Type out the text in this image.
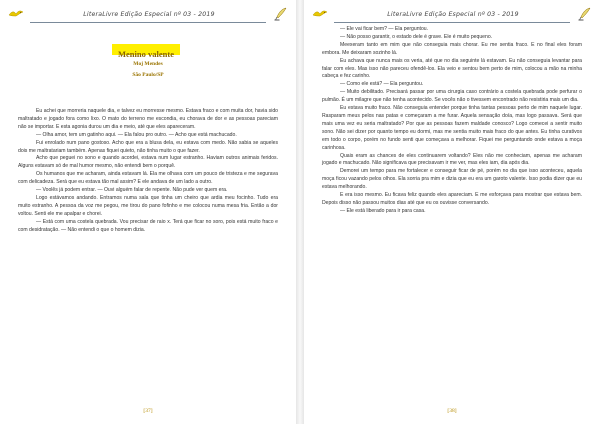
LiteraLivre Edição Especial nº 03 - 2019
Menino valente
Moj Mendes
São Paulo/SP

Eu achei que morreria naquele dia, e talvez eu morresse mesmo. Estava fraco e com muita dor, havia sido maltratado e jogado fora como lixo. O mato do terreno me escondia, eu chorava de dor e as pessoas pareciam não se importar. E esta agonia durou um dia e meio, até que eles apareceram.

— Olha amor, tem um gatinho aqui. — Ela falou pro outro. — Acho que está machucado.

Fui enrolado num pano gostoso. Acho que era a blusa dela, eu estava com medo. Não sabia se aqueles dois me maltratariam também. Apenas fiquei quieto, não tinha muito o que fazer.

Acho que peguei no sono e quando acordei, estava num lugar estranho. Haviam outros animais feridos. Alguns estavam só de mal humor mesmo, não entendi bem o porquê.

Os humanos que me acharam, ainda estavam lá. Ela me olhava com um pouco de tristeza e me segurava com delicadeza. Será que eu estava tão mal assim? E ele andava de um lado a outro.

— Voolês já podem entrar. — Ouvi alguém falar de repente. Não pude ver quem era.

Logo estávamos andando. Entramos numa sala que tinha um cheiro que ardia meu focinho. Tudo era muito estranho. A pessoa da voz me pegou, me tirou do pano fofinho e me colocou numa mesa fria. Então a dor voltou. Senti ele me apalpar e chorei.

— Está com uma costela quebrada. Vou precisar de raio x. Terá que ficar no soro, pois está muito fraco e com desidratação. — Não entendi o que o homem dizia.

[37]
LiteraLivre Edição Especial nº 03 - 2019

— Ele vai ficar bem? — Ela perguntou.

— Não posso garantir, o estado dele é grave. Ele é muito pequeno.

Meexeram tanto em mim que não conseguia mais chorar. Eu me sentia fraco. E no final eles foram embora. Me deixaram sozinho lá.

Eu achava que nunca mais os veria, até que no dia seguinte lá estavam. Eu não conseguia levantar para falar com eles. Mas isso não pareceu ofendê-los. Ela veio e sentou bem perto de mim, colocou a mão na minha cabeça e fez carinho.

— Como ele está? — Ela perguntou.

— Muito debilitado. Precisará passar por uma cirurgia caso contrário a costela quebrada pode perfurar o pulmão. É um milagre que não tenha acontecido. Se vocês não o tivessem encontrado não resistiria mais um dia.

Eu estava muito fraco. Não conseguia entender porque tinha tantas pessoas perto de mim naquele lugar. Rasparam meus pelos nas patas e começaram a me furar. Aquela sensação doía, mas logo passava. Será que mais uma vez eu seria maltratado? Por que as pessoas fazem maldade conosco? Logo comecei a sentir muito sono. Não sei dizer por quanto tempo eu dormi, mas me sentia muito mais fraco do que antes. Eu tinha curativos em todo o corpo, porém no fundo senti que começava a melhorar. Fiquei me perguntando onde estava a moça carinhosa.

Quais eram as chances de eles continuarem voltando? Eles não me conheciam, apenas me acharam jogado e machucado. Não significava que precisavam ir me ver, mas eles iam, dia após dia.

Demorei um tempo para me fortalecer e conseguir ficar de pé, porém no dia que isso aconteceu, aquela moça ficou vazando pelos olhos. Ela sorria pra mim e dizia que eu era um garoto valente. Isso podia dizer que eu estava melhorando.

E era isso mesmo. Eu ficava feliz quando eles apareciam. E me esforçava para mostrar que estava bem. Depois disso não passou muitos dias até que eu os ouvisse conversando.

— Ele está liberado para ir para casa.

[38]
